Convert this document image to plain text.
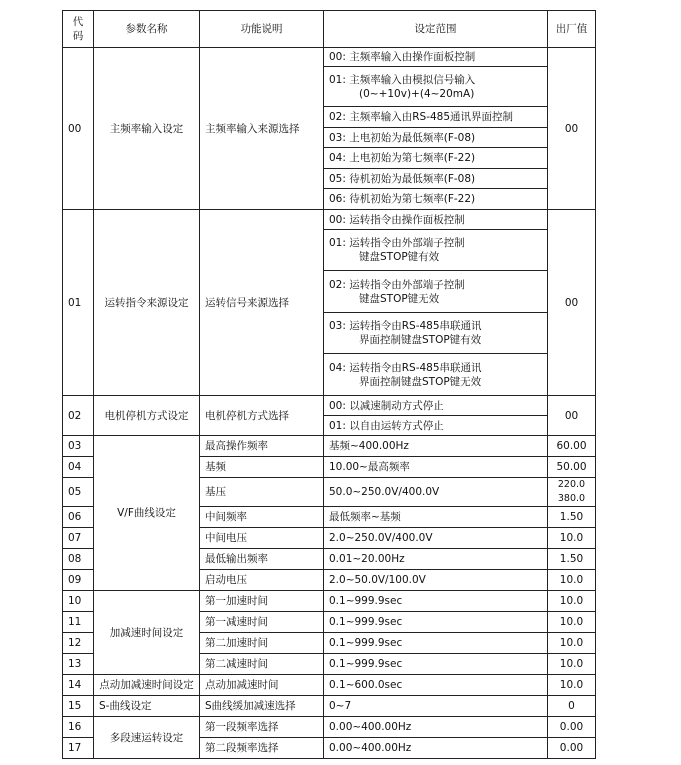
代码	参数名称	功能说明	设定范围	出厂值
00	主频率输入设定	主频率输入来源选择	00: 主频率输入由操作面板控制	00
			01: 主频率输入由模拟信号输入
(0~+10v)+(4~20mA)	

			02: 主频率输入由RS-485通讯界面控制	
			03: 上电初始为最低频率(F-08)	
			04: 上电初始为第七频率(F-22)	
			05: 待机初始为最低频率(F-08)	
			06: 待机初始为第七频率(F-22)	
01	运转指令来源设定	运转信号来源选择	00: 运转指令由操作面板控制	00
			01: 运转指令由外部端子控制
键盘STOP键有效	

			02: 运转指令由外部端子控制
键盘STOP键无效	

			03: 运转指令由RS-485串联通讯
界面控制键盘STOP键有效	

			04: 运转指令由RS-485串联通讯
界面控制键盘STOP键无效	

02	电机停机方式设定	电机停机方式选择	00: 以减速制动方式停止	00
			01: 以自由运转方式停止	
03	V/F曲线设定	最高操作频率	基频~400.00Hz	60.00
04		基频	10.00~最高频率	50.00
05		基压	50.0~250.0V/400.0V	220.0
380.0
06		中间频率	最低频率~基频	1.50
07		中间电压	2.0~250.0V/400.0V	10.0
08		最低输出频率	0.01~20.00Hz	1.50
09		启动电压	2.0~50.0V/100.0V	10.0
10	加减速时间设定	第一加速时间	0.1~999.9sec	10.0
11		第一减速时间	0.1~999.9sec	10.0
12		第二加速时间	0.1~999.9sec	10.0
13		第二减速时间	0.1~999.9sec	10.0
14	点动加减速时间设定	点动加减速时间	0.1~600.0sec	10.0
15	S-曲线设定	S曲线缓加减速选择	0~7	0
16	多段速运转设定	第一段频率选择	0.00~400.00Hz	0.00
17		第二段频率选择	0.00~400.00Hz	0.00
